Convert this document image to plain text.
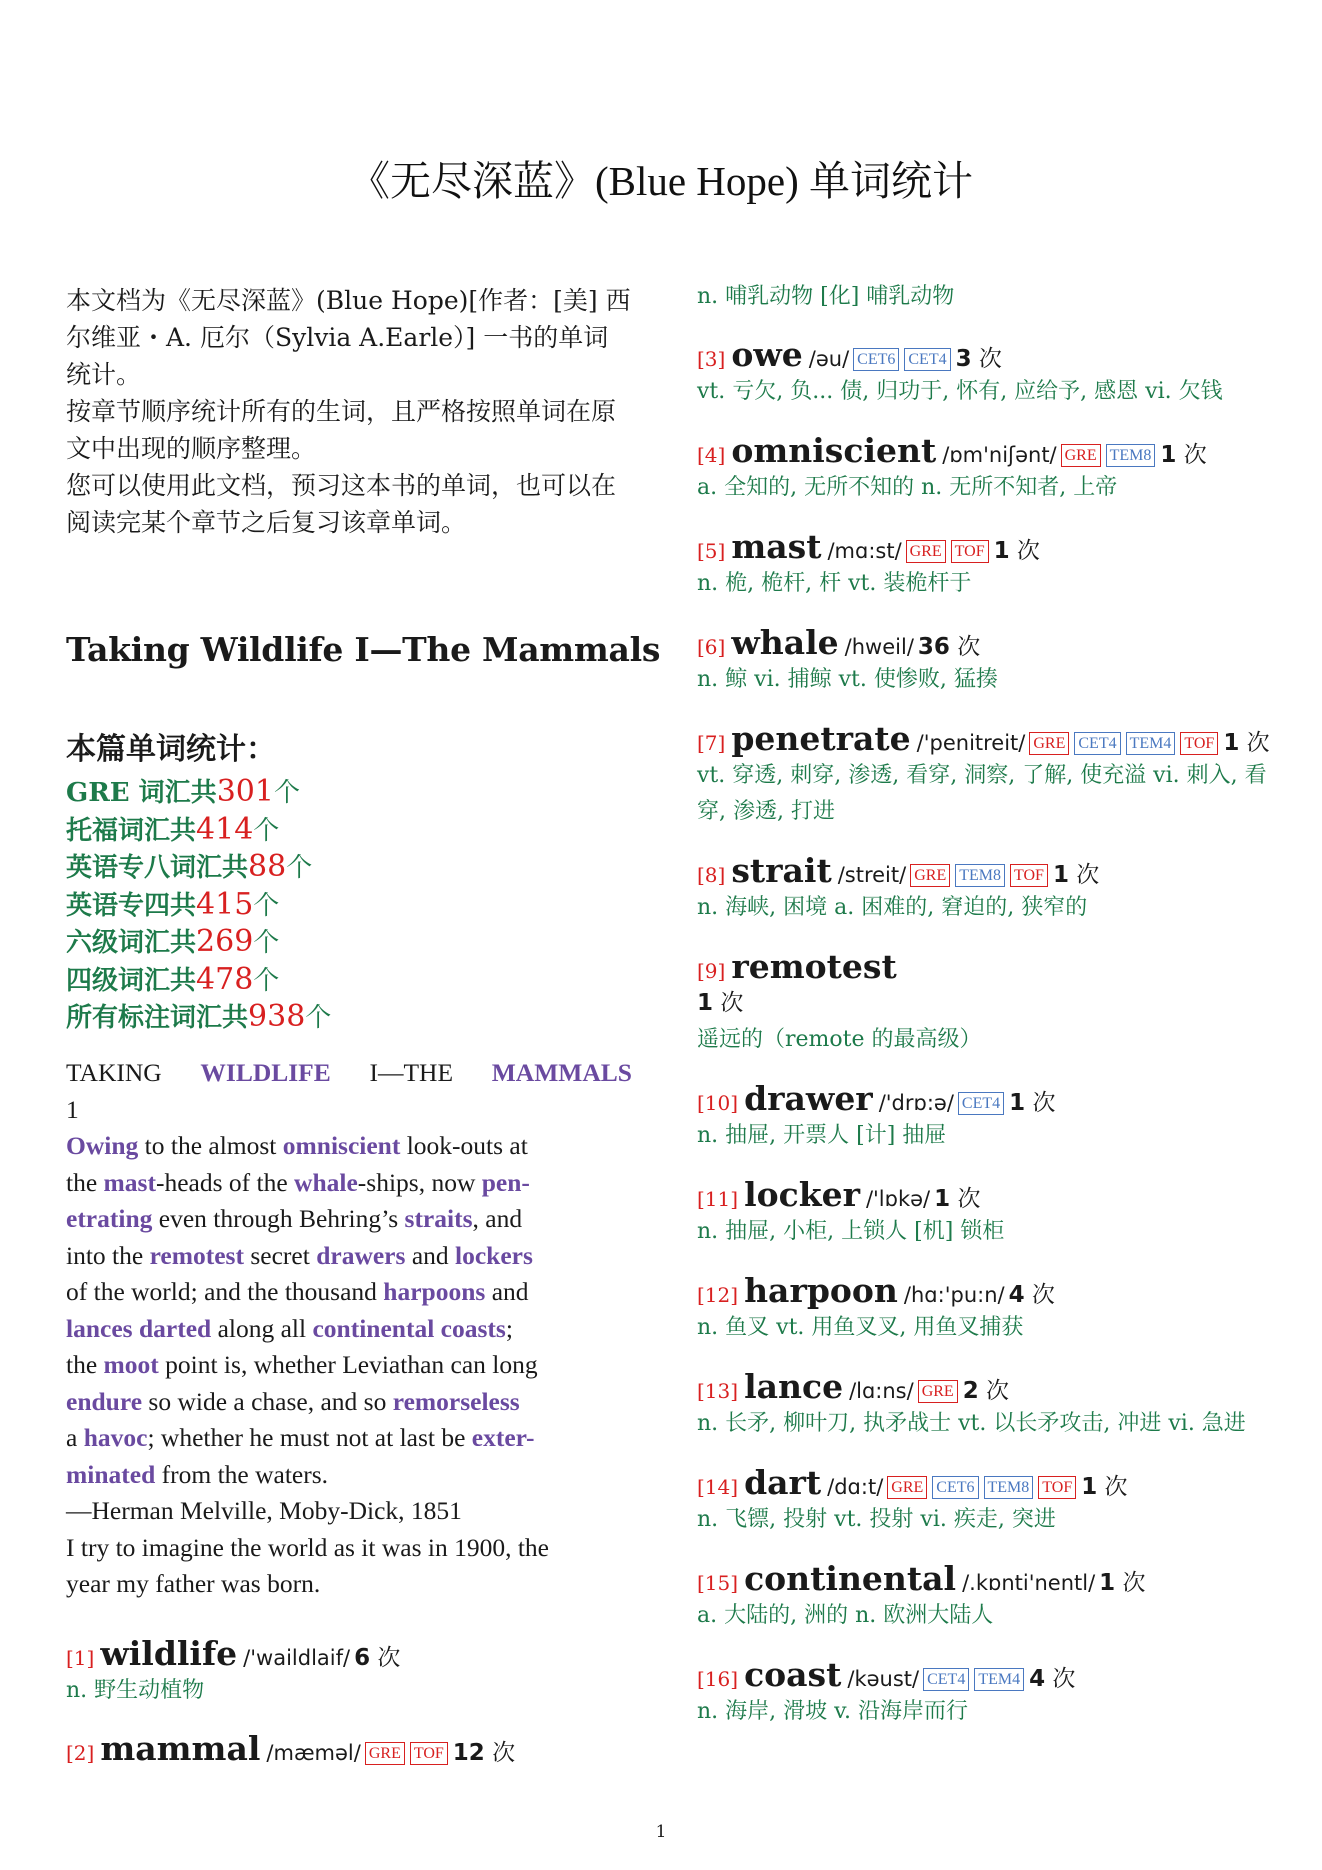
《无尽深蓝》(Blue Hope) 单词统计

本文档为《无尽深蓝》(Blue Hope)[作者：[美] 西尔维亚・A. 厄尔（Sylvia A.Earle）] 一书的单词统计。

按章节顺序统计所有的生词，且严格按照单词在原文中出现的顺序整理。

您可以使用此文档，预习这本书的单词，也可以在阅读完某个章节之后复习该章单词。

Taking Wildlife I—The Mammals
本篇单词统计：
GRE 词汇共301个
托福词汇共414个
英语专八词汇共88个
英语专四共415个
六级词汇共269个
四级词汇共478个
所有标注词汇共938个
TAKING WILDLIFE I—THE MAMMALS
1
Owing to the almost omniscient look-outs at
the mast -heads of the whale -ships, now pen-
etrating even through Behring’s straits , and
into the remotest secret drawers and lockers
of the world; and the thousand harpoons and
lances darted along all continental coasts ;
the moot point is, whether Leviathan can long
endure so wide a chase, and so remorseless
a havoc ; whether he must not at last be exter-
minated from the waters.
—Herman Melville, Moby-Dick, 1851
I try to imagine the world as it was in 1900, the
year my father was born.
[1] wildlife /'waildlaif/ 6 次
n. 野生动植物
[2] mammal /mæməl/ GRE TOF 12 次
n. 哺乳动物 [化] 哺乳动物
[3] owe /əu/ CET6 CET4 3 次
vt. 亏欠, 负... 债, 归功于, 怀有, 应给予, 感恩 vi. 欠钱
[4] omniscient /ɒm'niʃənt/ GRE TEM8 1 次
a. 全知的, 无所不知的 n. 无所不知者, 上帝
[5] mast /mɑ:st/ GRE TOF 1 次
n. 桅, 桅杆, 杆 vt. 装桅杆于
[6] whale /hweil/ 36 次
n. 鲸 vi. 捕鲸 vt. 使惨败, 猛揍
[7] penetrate /'penitreit/ GRE CET4 TEM4 TOF 1 次
vt. 穿透, 刺穿, 渗透, 看穿, 洞察, 了解, 使充溢 vi. 刺入, 看穿, 渗透, 打进
[8] strait /streit/ GRE TEM8 TOF 1 次
n. 海峡, 困境 a. 困难的, 窘迫的, 狭窄的
[9] remotest
1 次
遥远的（remote 的最高级）
[10] drawer /'drɒ:ə/ CET4 1 次
n. 抽屉, 开票人 [计] 抽屉
[11] locker /'lɒkə/ 1 次
n. 抽屉, 小柜, 上锁人 [机] 锁柜
[12] harpoon /hɑ:'pu:n/ 4 次
n. 鱼叉 vt. 用鱼叉叉, 用鱼叉捕获
[13] lance /lɑ:ns/ GRE 2 次
n. 长矛, 柳叶刀, 执矛战士 vt. 以长矛攻击, 冲进 vi. 急进
[14] dart /dɑ:t/ GRE CET6 TEM8 TOF 1 次
n. 飞镖, 投射 vt. 投射 vi. 疾走, 突进
[15] continental /.kɒnti'nentl/ 1 次
a. 大陆的, 洲的 n. 欧洲大陆人
[16] coast /kəust/ CET4 TEM4 4 次
n. 海岸, 滑坡 v. 沿海岸而行
1
